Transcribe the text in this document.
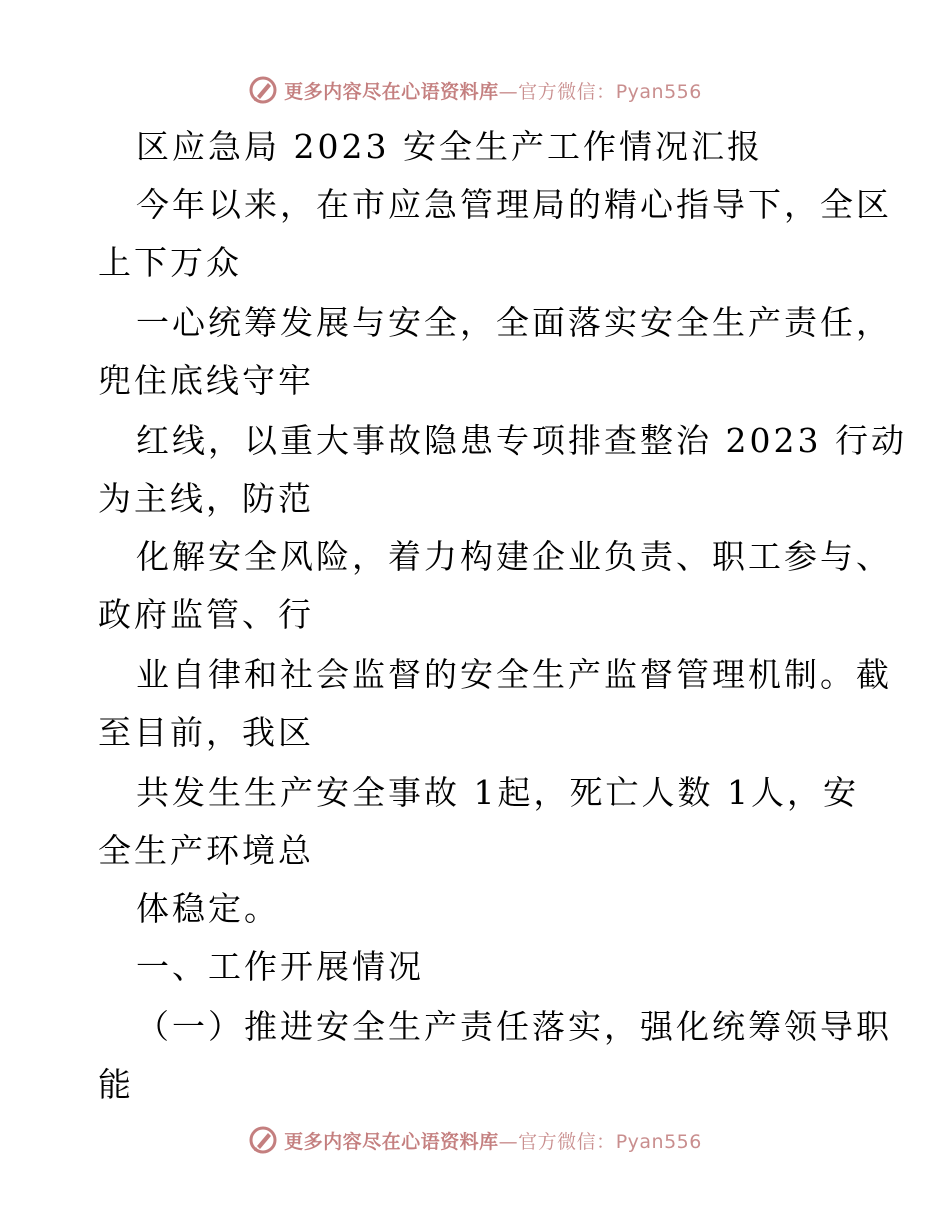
更多内容尽在心语资料库—官方微信：Pyan556
区应急局 2023 安全生产工作情况汇报
今年以来，在市应急管理局的精心指导下，全区
上下万众
一心统筹发展与安全，全面落实安全生产责任，
兜住底线守牢
红线，以重大事故隐患专项排查整治 2023 行动
为主线，防范
化解安全风险，着力构建企业负责、职工参与、
政府监管、行
业自律和社会监督的安全生产监督管理机制。截
至目前，我区
共发生生产安全事故 1起，死亡人数 1人，安
全生产环境总
体稳定。
一、工作开展情况
（一）推进安全生产责任落实，强化统筹领导职
能
更多内容尽在心语资料库—官方微信：Pyan556
